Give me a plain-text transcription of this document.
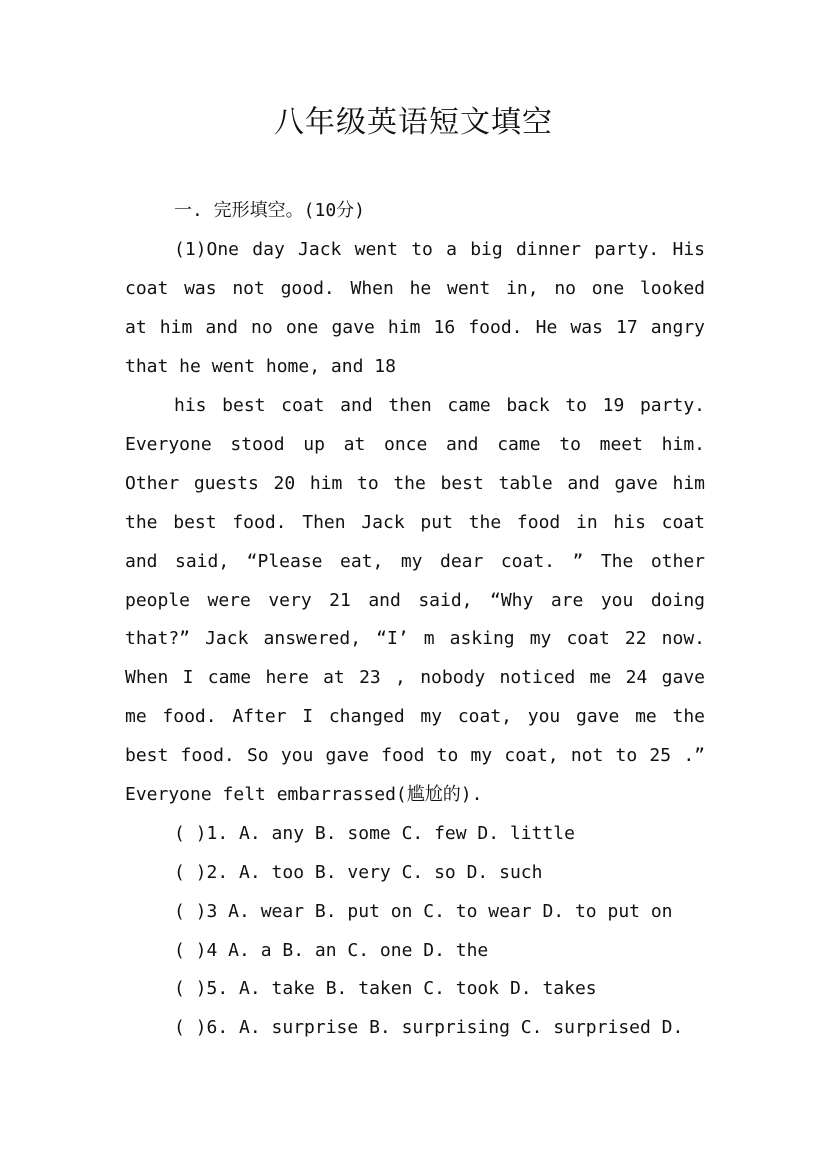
八年级英语短文填空
一. 完形填空。(10分)
(1)One day Jack went to a big dinner party. His
coat was not good. When he went in, no one looked
at him and no one gave him 16 food. He was 17 angry
that he went home, and 18
his best coat and then came back to 19 party.
Everyone stood up at once and came to meet him.
Other guests 20 him to the best table and gave him
the best food. Then Jack put the food in his coat
and said, “Please eat, my dear coat. ” The other
people were very 21 and said, “Why are you doing
that?” Jack answered, “I’ m asking my coat 22 now.
When I came here at 23 , nobody noticed me 24 gave
me food. After I changed my coat, you gave me the
best food. So you gave food to my coat, not to 25 .”
Everyone felt embarrassed(尴尬的).
( )1. A. any B. some C. few D. little
( )2. A. too B. very C. so D. such
( )3 A. wear B. put on C. to wear D. to put on
( )4 A. a B. an C. one D. the
( )5. A. take B. taken C. took D. takes
( )6. A. surprise B. surprising C. surprised D.
